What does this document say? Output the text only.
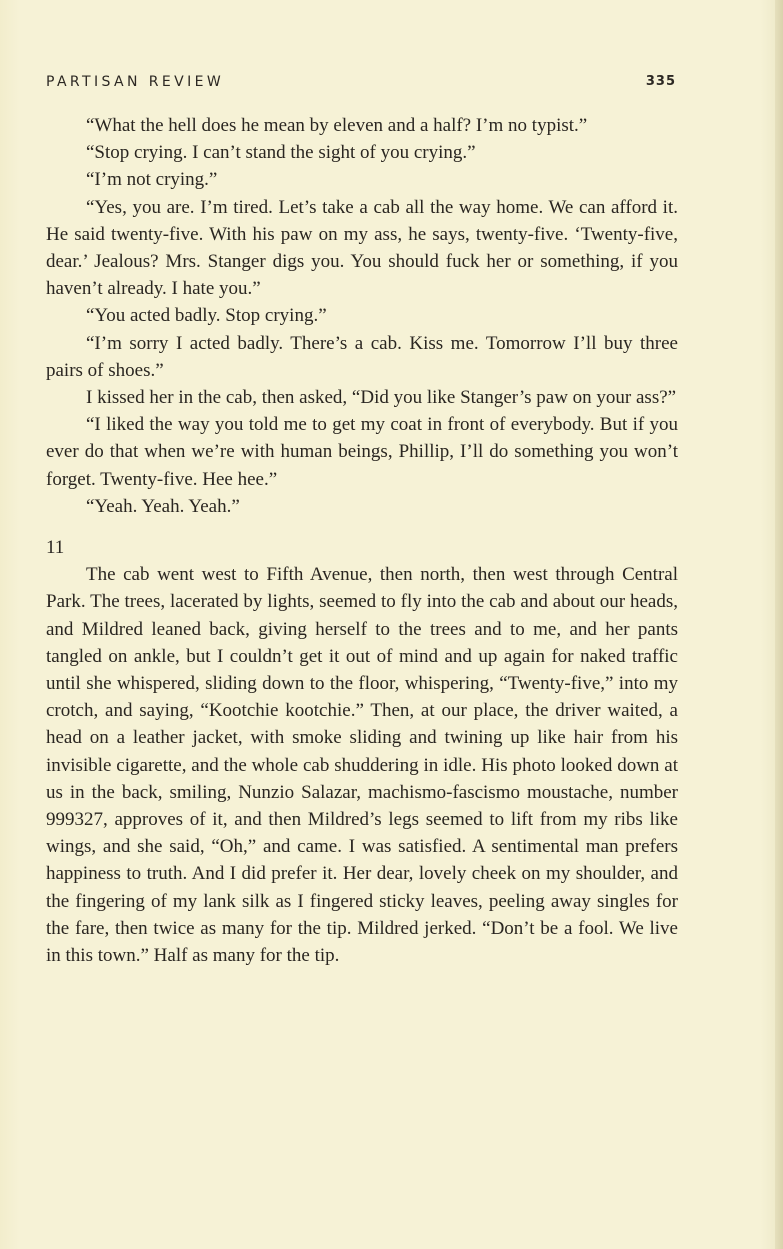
PARTISAN REVIEW	335

“What the hell does he mean by eleven and a half? I’m no typist.”

“Stop crying. I can’t stand the sight of you crying.”

“I’m not crying.”

“Yes, you are. I’m tired. Let’s take a cab all the way home. We can afford it. He said twenty-five. With his paw on my ass, he says, twenty-five. ‘Twenty-five, dear.’ Jealous? Mrs. Stanger digs you. You should fuck her or something, if you haven’t already. I hate you.”

“You acted badly. Stop crying.”

“I’m sorry I acted badly. There’s a cab. Kiss me. Tomorrow I’ll buy three pairs of shoes.”

I kissed her in the cab, then asked, “Did you like Stanger’s paw on your ass?”

“I liked the way you told me to get my coat in front of everybody. But if you ever do that when we’re with human beings, Phillip, I’ll do something you won’t forget. Twenty-five. Hee hee.”

“Yeah. Yeah. Yeah.”

11

The cab went west to Fifth Avenue, then north, then west through Central Park. The trees, lacerated by lights, seemed to fly into the cab and about our heads, and Mildred leaned back, giving herself to the trees and to me, and her pants tangled on ankle, but I couldn’t get it out of mind and up again for naked traffic until she whispered, sliding down to the floor, whispering, “Twenty-five,” into my crotch, and saying, “Kootchie kootchie.” Then, at our place, the driver waited, a head on a leather jacket, with smoke sliding and twining up like hair from his invisible cigarette, and the whole cab shuddering in idle. His photo looked down at us in the back, smiling, Nunzio Salazar, machismo-fascismo moustache, number 999327, approves of it, and then Mildred’s legs seemed to lift from my ribs like wings, and she said, “Oh,” and came. I was satisfied. A sentimental man prefers happiness to truth. And I did prefer it. Her dear, lovely cheek on my shoulder, and the fingering of my lank silk as I fingered sticky leaves, peeling away singles for the fare, then twice as many for the tip. Mildred jerked. “Don’t be a fool. We live in this town.” Half as many for the tip.
